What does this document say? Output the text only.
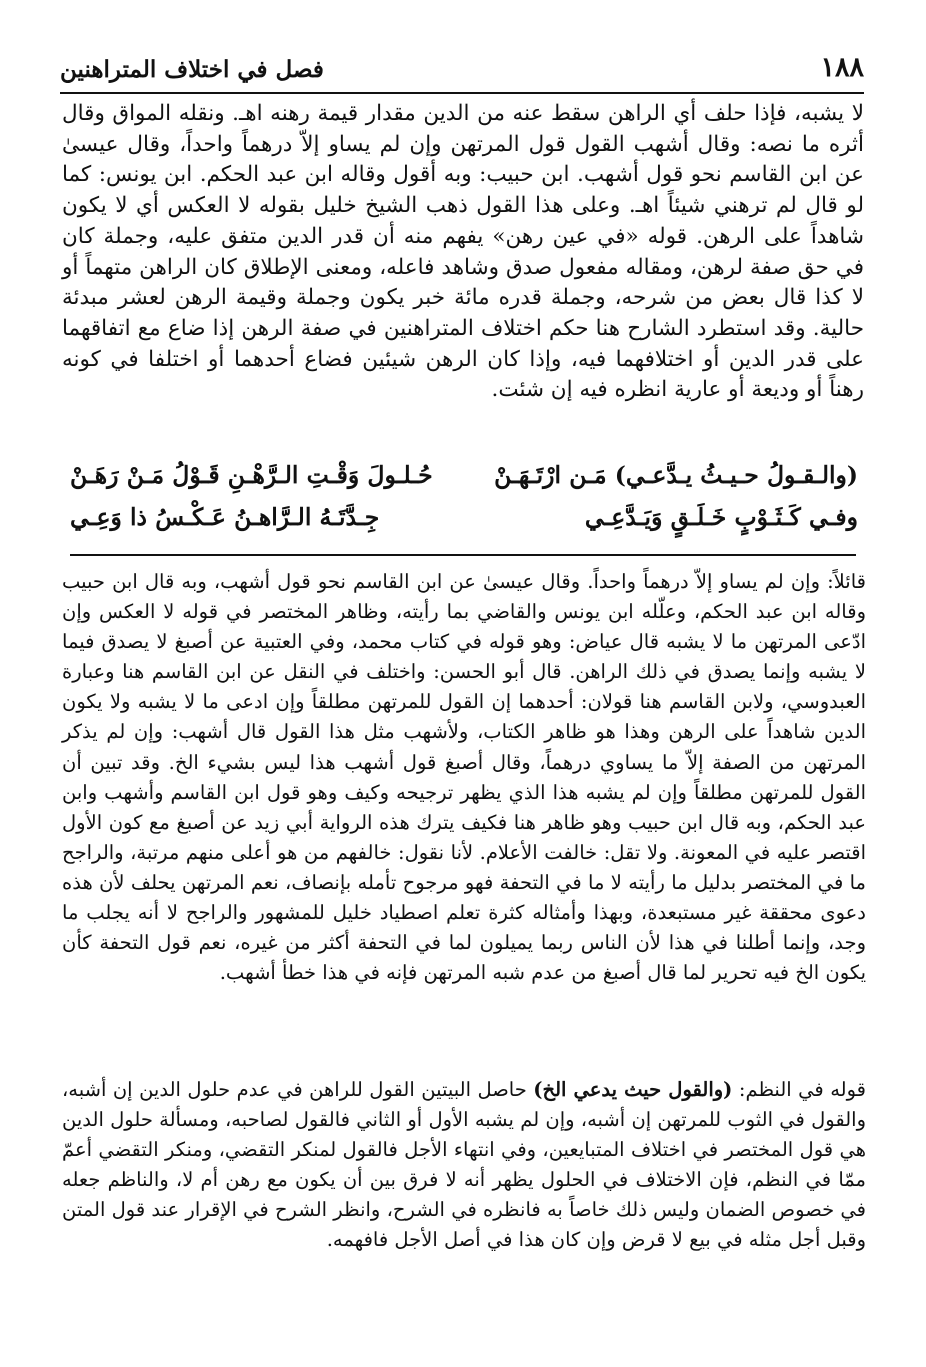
١٨٨
فصل في اختلاف المتراهنين

لا يشبه، فإذا حلف أي الراهن سقط عنه من الدين مقدار قيمة رهنه اهـ. ونقله المواق وقال أثره ما نصه: وقال أشهب القول قول المرتهن وإن لم يساو إلاّ درهماً واحداً، وقال عيسىٰ عن ابن القاسم نحو قول أشهب. ابن حبيب: وبه أقول وقاله ابن عبد الحكم. ابن يونس: كما لو قال لم ترهني شيئاً اهـ. وعلى هذا القول ذهب الشيخ خليل بقوله لا العكس أي لا يكون شاهداً على الرهن. قوله «في عين رهن» يفهم منه أن قدر الدين متفق عليه، وجملة كان في حق صفة لرهن، ومقاله مفعول صدق وشاهد فاعله، ومعنى الإطلاق كان الراهن متهماً أو لا كذا قال بعض من شرحه، وجملة قدره مائة خبر يكون وجملة وقيمة الرهن لعشر مبدئة حالية. وقد استطرد الشارح هنا حكم اختلاف المتراهنين في صفة الرهن إذا ضاع مع اتفاقهما على قدر الدين أو اختلافهما فيه، وإذا كان الرهن شيئين فضاع أحدهما أو اختلفا في كونه رهناً أو وديعة أو عارية انظره فيه إن شئت.

(والـقـولُ حـيـثُ يـدَّعـي) مَـن ارْتَـهَـنْ
حُـلـولَ وَقْـتِ الـرَّهْـنِ قَـوْلُ مَـنْ رَهَـنْ
وفـي كَـثَـوْبٍ خَـلَـقٍ وَيَـدَّعِـي
جِـدَّتَـهُ الـرَّاهـنُ عَـكْـسُ ذا وَعِـي

قائلاً: وإن لم يساو إلاّ درهماً واحداً. وقال عيسىٰ عن ابن القاسم نحو قول أشهب، وبه قال ابن حبيب وقاله ابن عبد الحكم، وعلّله ابن يونس والقاضي بما رأيته، وظاهر المختصر في قوله لا العكس وإن ادّعى المرتهن ما لا يشبه قال عياض: وهو قوله في كتاب محمد، وفي العتبية عن أصبغ لا يصدق فيما لا يشبه وإنما يصدق في ذلك الراهن. قال أبو الحسن: واختلف في النقل عن ابن القاسم هنا وعبارة العبدوسي، ولابن القاسم هنا قولان: أحدهما إن القول للمرتهن مطلقاً وإن ادعى ما لا يشبه ولا يكون الدين شاهداً على الرهن وهذا هو ظاهر الكتاب، ولأشهب مثل هذا القول قال أشهب: وإن لم يذكر المرتهن من الصفة إلاّ ما يساوي درهماً، وقال أصبغ قول أشهب هذا ليس بشيء الخ. وقد تبين أن القول للمرتهن مطلقاً وإن لم يشبه هذا الذي يظهر ترجيحه وكيف وهو قول ابن القاسم وأشهب وابن عبد الحكم، وبه قال ابن حبيب وهو ظاهر هنا فكيف يترك هذه الرواية أبي زيد عن أصبغ مع كون الأول اقتصر عليه في المعونة. ولا تقل: خالفت الأعلام. لأنا نقول: خالفهم من هو أعلى منهم مرتبة، والراجح ما في المختصر بدليل ما رأيته لا ما في التحفة فهو مرجوح تأمله بإنصاف، نعم المرتهن يحلف لأن هذه دعوى محققة غير مستبعدة، وبهذا وأمثاله كثرة تعلم اصطياد خليل للمشهور والراجح لا أنه يجلب ما وجد، وإنما أطلنا في هذا لأن الناس ربما يميلون لما في التحفة أكثر من غيره، نعم قول التحفة كأن يكون الخ فيه تحرير لما قال أصبغ من عدم شبه المرتهن فإنه في هذا خطأ أشهب.

قوله في النظم: (والقول حيث يدعي الخ) حاصل البيتين القول للراهن في عدم حلول الدين إن أشبه، والقول في الثوب للمرتهن إن أشبه، وإن لم يشبه الأول أو الثاني فالقول لصاحبه، ومسألة حلول الدين هي قول المختصر في اختلاف المتبايعين، وفي انتهاء الأجل فالقول لمنكر التقضي، ومنكر التقضي أعمّ ممّا في النظم، فإن الاختلاف في الحلول يظهر أنه لا فرق بين أن يكون مع رهن أم لا، والناظم جعله في خصوص الضمان وليس ذلك خاصاً به فانظره في الشرح، وانظر الشرح في الإقرار عند قول المتن وقبل أجل مثله في بيع لا قرض وإن كان هذا في أصل الأجل فافهمه.
